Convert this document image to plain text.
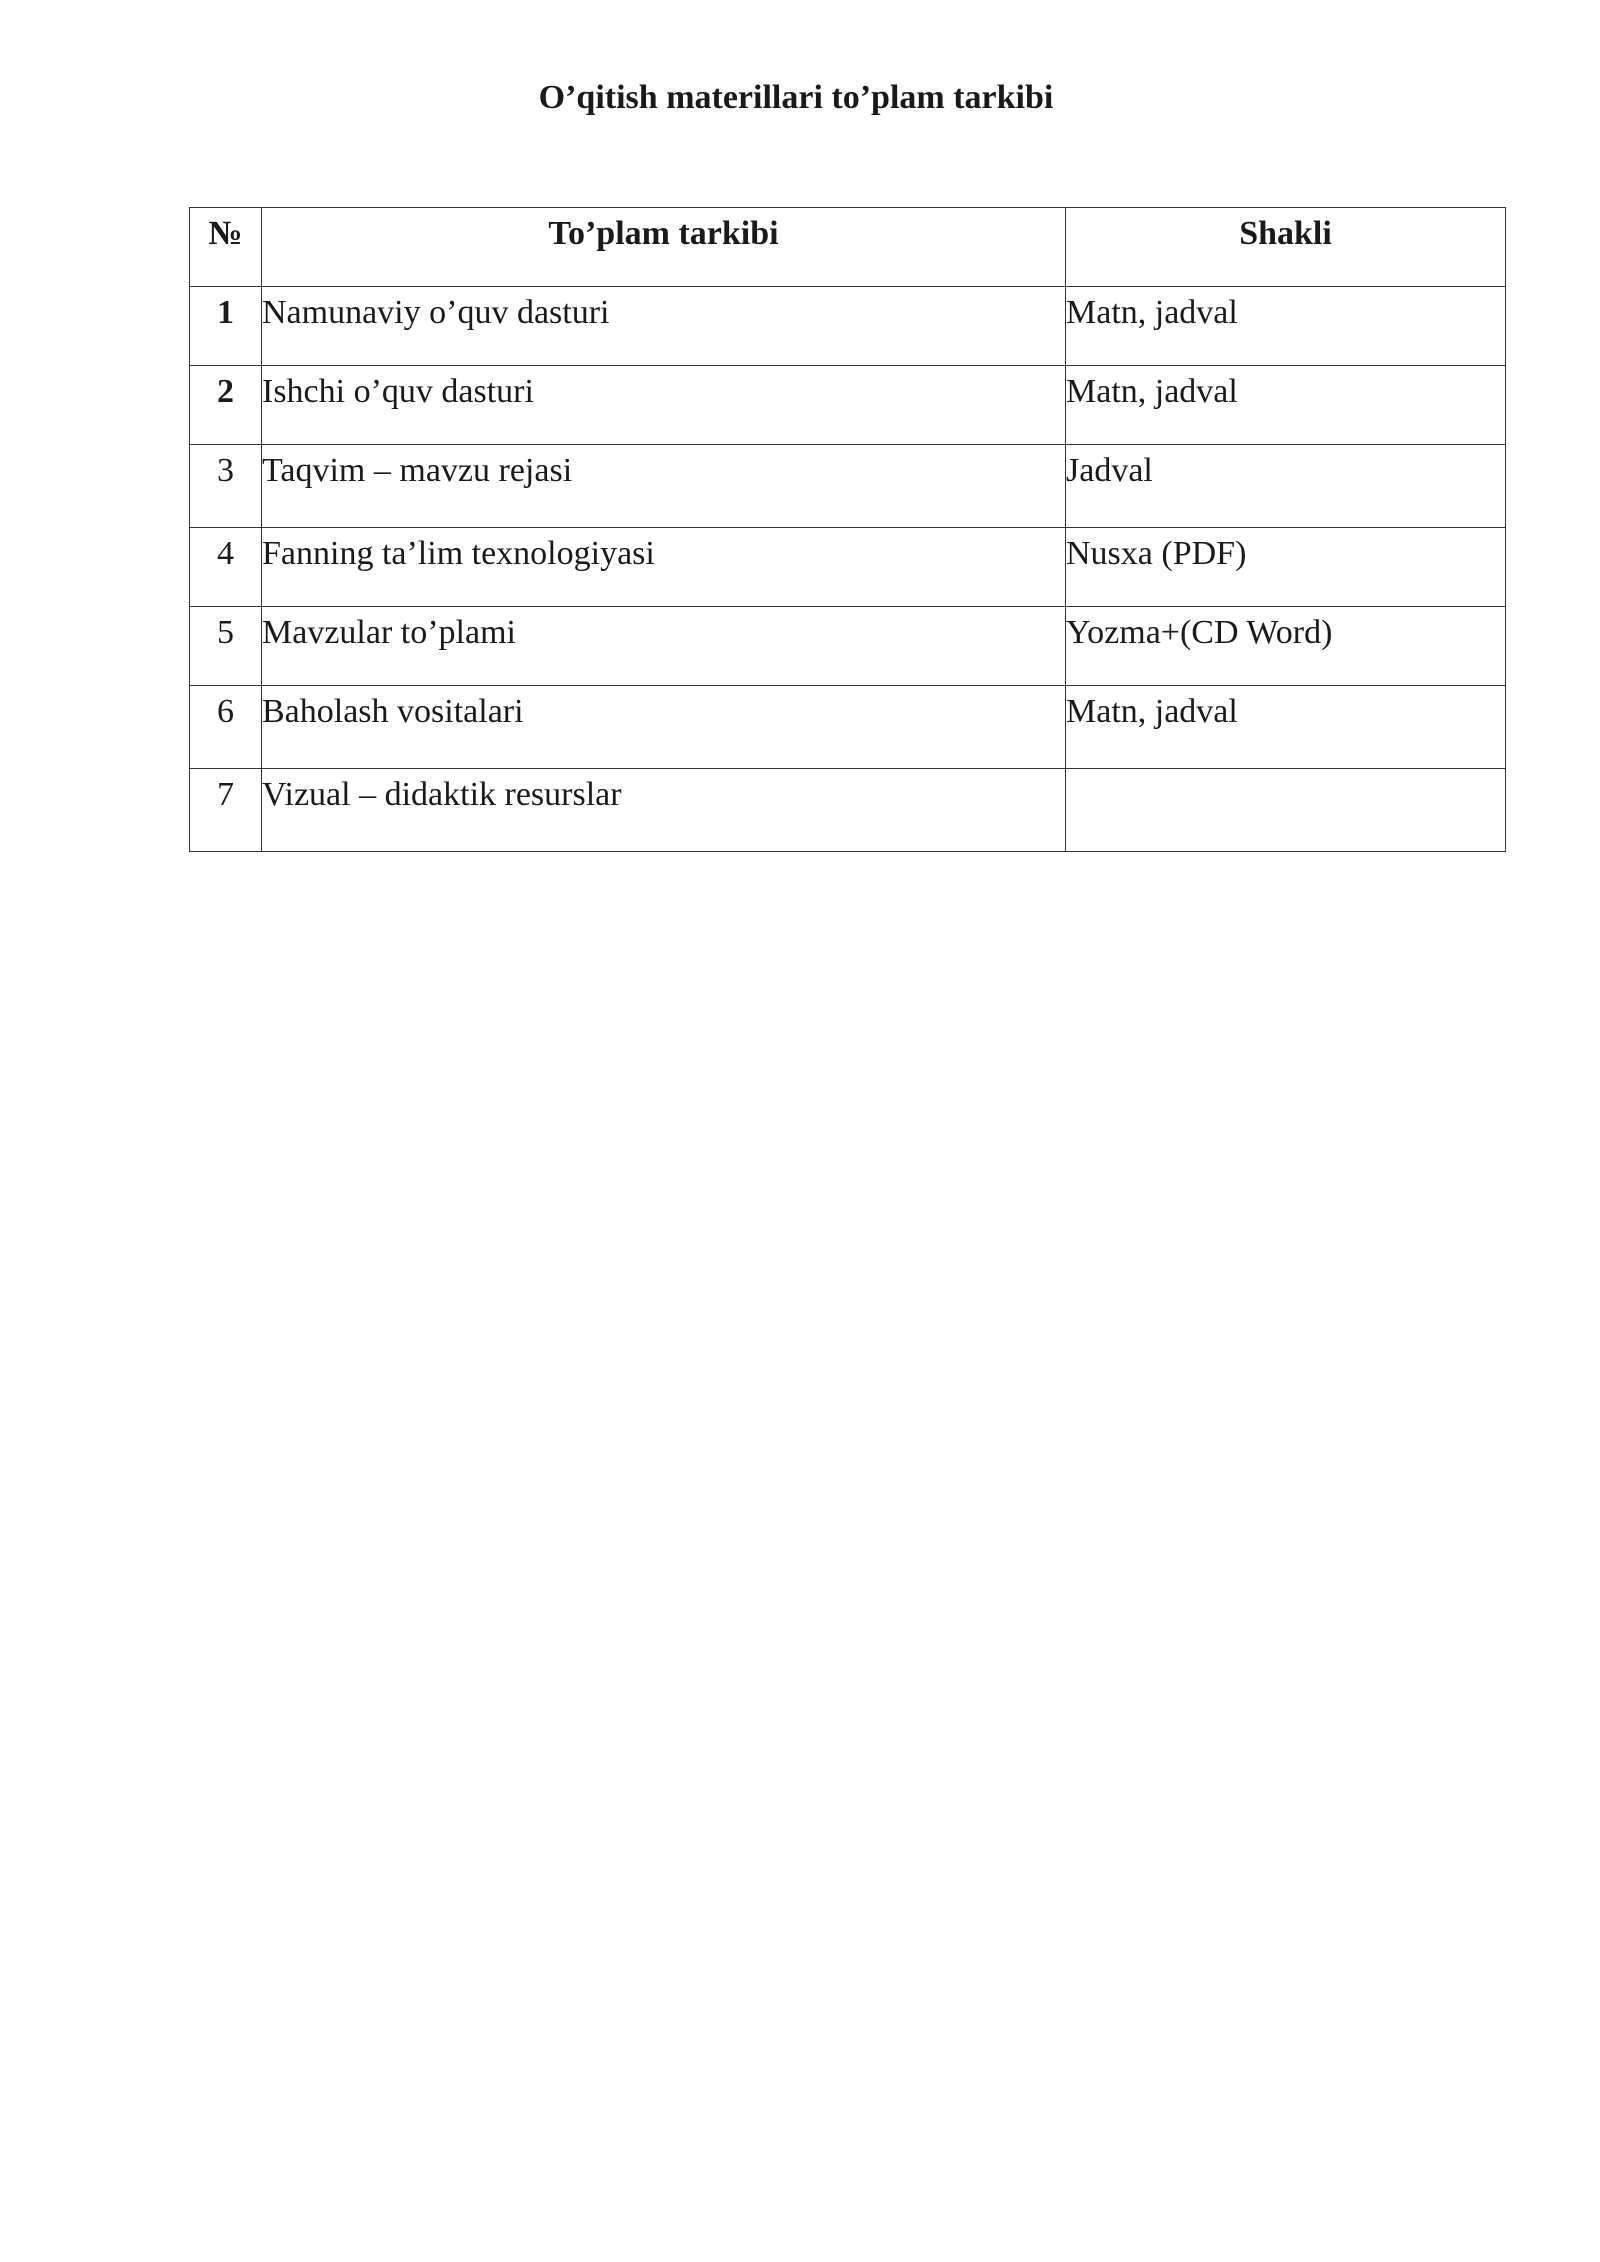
O’qitish materillari to’plam tarkibi
№	To’plam tarkibi	Shakli
1	Namunaviy o’quv dasturi	Matn, jadval
2	Ishchi o’quv dasturi	Matn, jadval
3	Taqvim – mavzu rejasi	Jadval
4	Fanning ta’lim texnologiyasi	Nusxa (PDF)
5	Mavzular to’plami	Yozma+(CD Word)
6	Baholash vositalari	Matn, jadval
7	Vizual – didaktik resurslar	
